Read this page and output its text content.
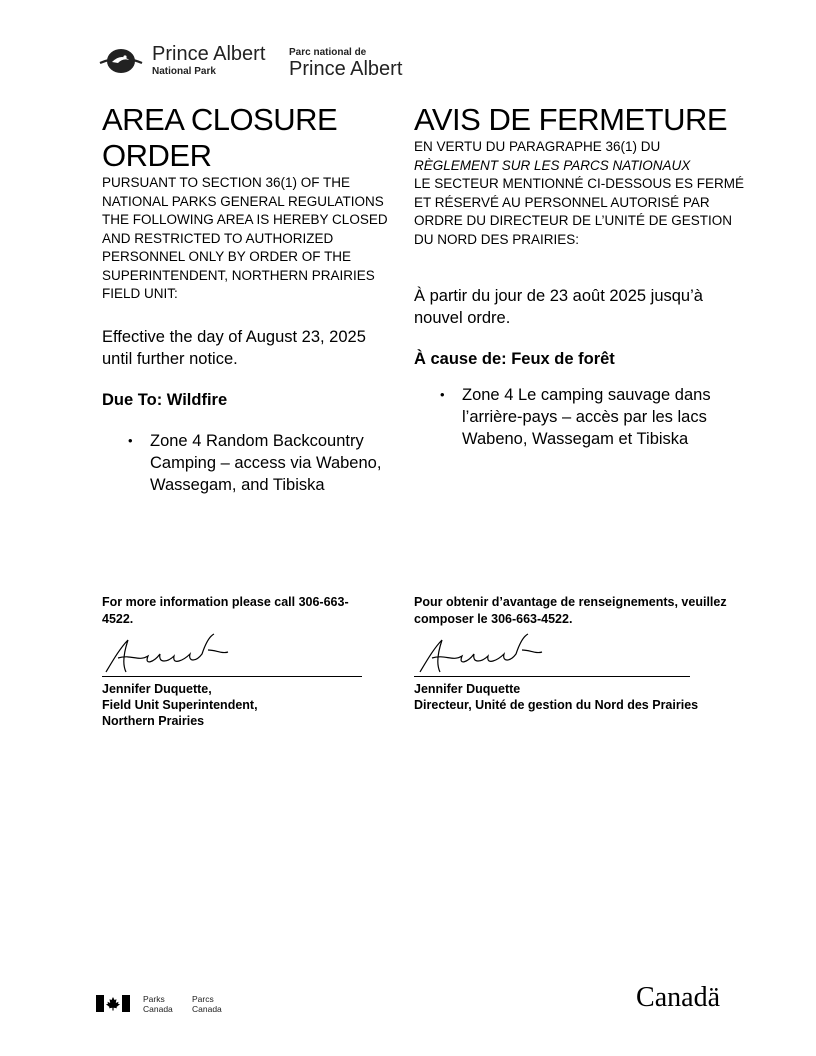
Prince Albert
National Park
Parc national de
Prince Albert
AREA CLOSURE ORDER

PURSUANT TO SECTION 36(1) OF THE NATIONAL PARKS GENERAL REGULATIONS THE FOLLOWING AREA IS HEREBY CLOSED AND RESTRICTED TO AUTHORIZED PERSONNEL ONLY BY ORDER OF THE SUPERINTENDENT, NORTHERN PRAIRIES FIELD UNIT:

Effective the day of August 23, 2025 until further notice.

Due To: Wildfire

• Zone 4 Random Backcountry Camping – access via Wabeno, Wassegam, and Tibiska
AVIS DE FERMETURE

EN VERTU DU PARAGRAPHE 36(1) DU

RÈGLEMENT SUR LES PARCS NATIONAUX

LE SECTEUR MENTIONNÉ CI-DESSOUS ES FERMÉ ET RÉSERVÉ AU PERSONNEL AUTORISÉ PAR ORDRE DU DIRECTEUR DE L’UNITÉ DE GESTION DU NORD DES PRAIRIES:

À partir du jour de 23 août 2025 jusqu’à nouvel ordre.

À cause de: Feux de forêt

• Zone 4 Le camping sauvage dans l’arrière-pays – accès par les lacs Wabeno, Wassegam et Tibiska

For more information please call 306-663-4522.

Jennifer Duquette,

Field Unit Superintendent,

Northern Prairies

Pour obtenir d’avantage de renseignements, veuillez composer le 306-663-4522.

Jennifer Duquette

Directeur, Unité de gestion du Nord des Prairies

Parks
Canada
Parcs
Canada	Canadä
